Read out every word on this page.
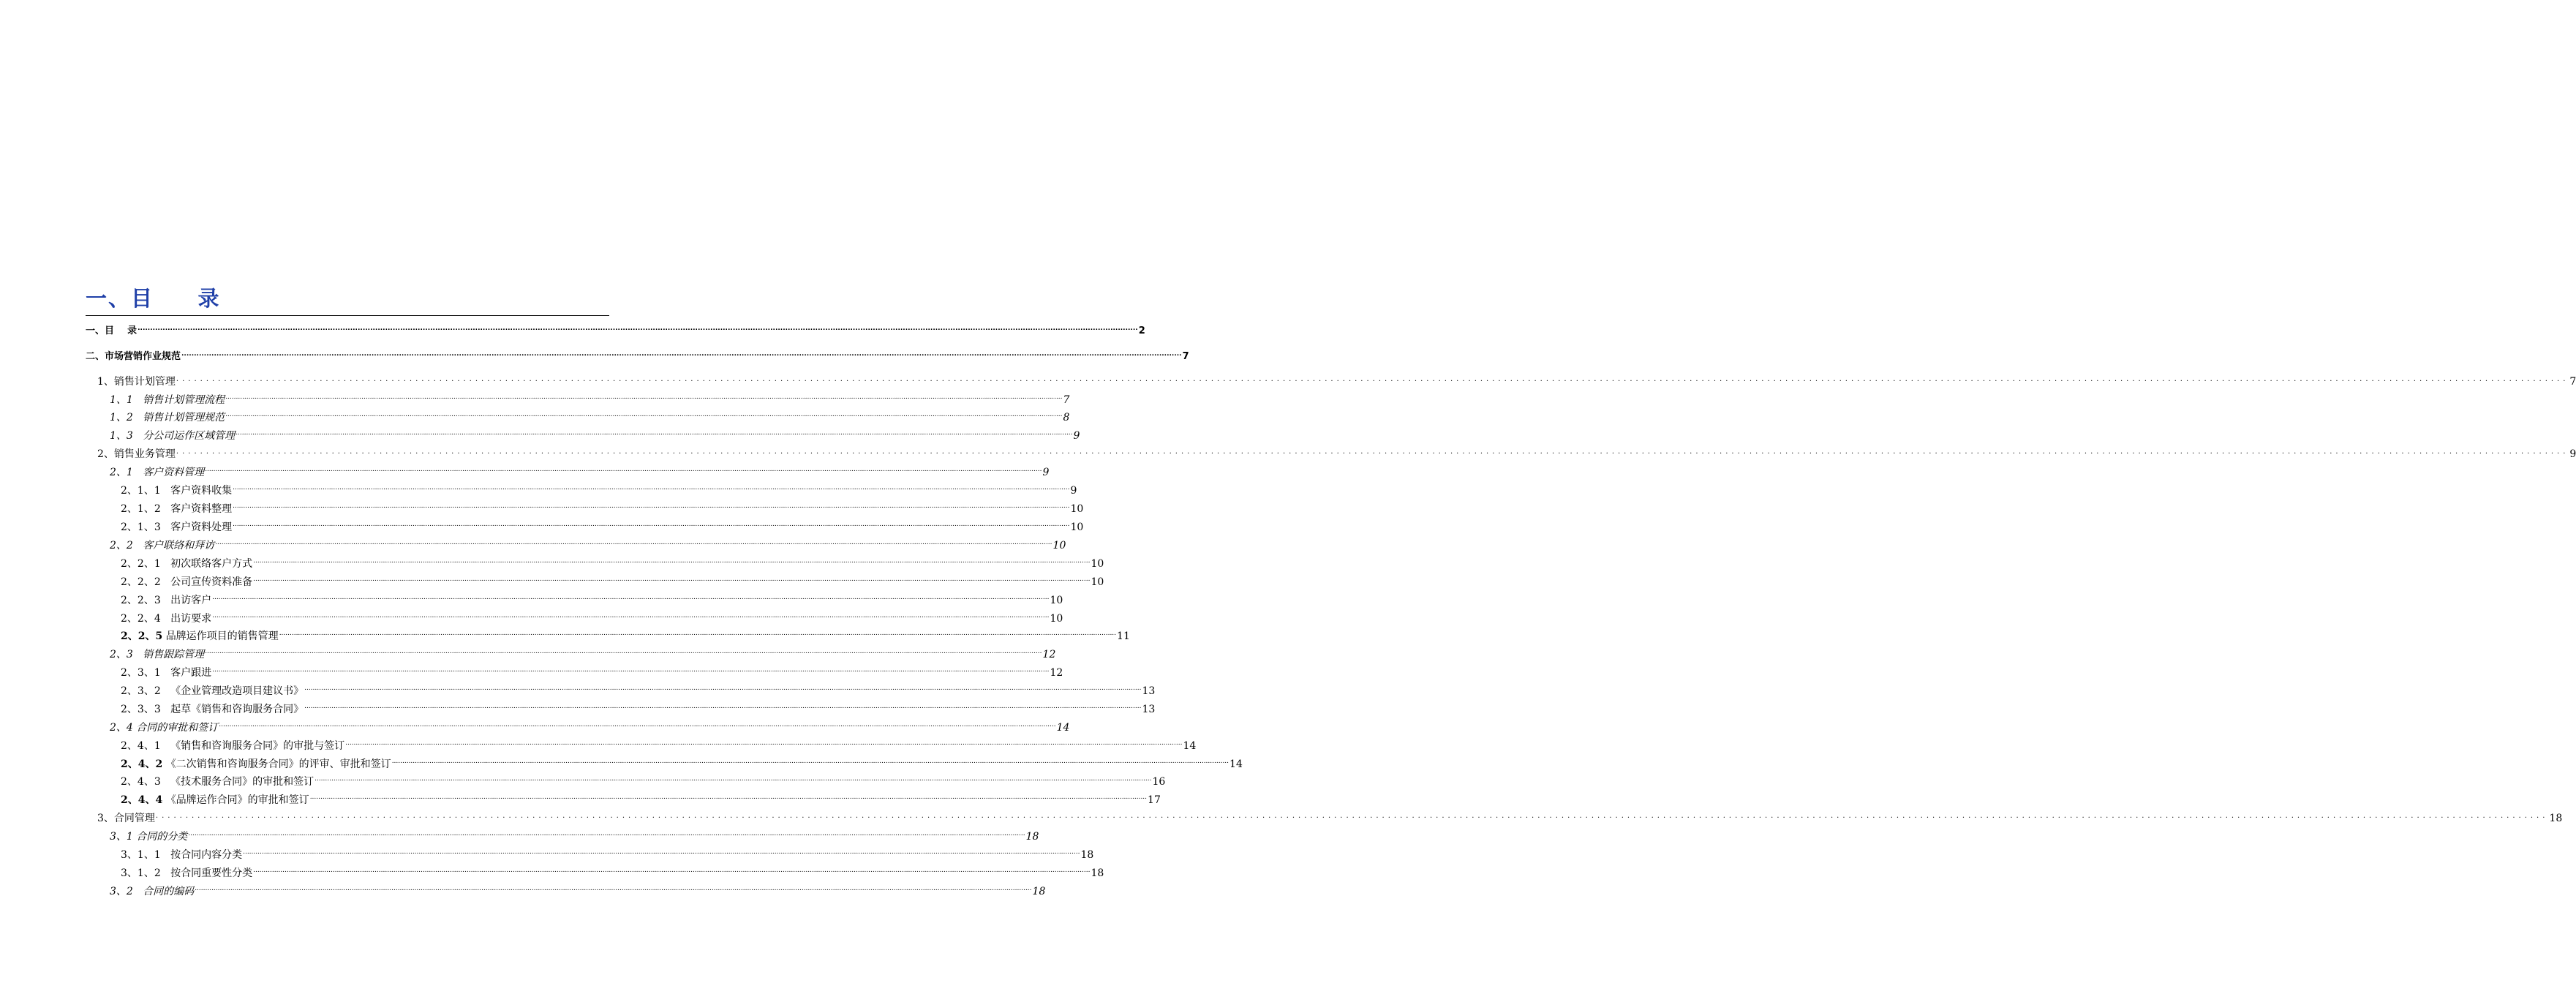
一、目     录
一、目    录 ................................................................................................................................................................................................................................................................................................................................................................................................................ 2
二、市场营销作业规范 ................................................................................................................................................................................................................................................................................................................................................................................................................ 7
1、销售计划管理 ................................................................................................................................................................................................................................................................................................................................................................................................................ 7
1、1
销售计划管理流程 ................................................................................................................................................................................................................................................................................................................................................................................................................ 7
1、2
销售计划管理规范 ................................................................................................................................................................................................................................................................................................................................................................................................................ 8
1、3
分公司运作区域管理 ................................................................................................................................................................................................................................................................................................................................................................................................................ 9
2、销售业务管理 ................................................................................................................................................................................................................................................................................................................................................................................................................ 9
2、1
客户资料管理 ................................................................................................................................................................................................................................................................................................................................................................................................................ 9
2、1、1
客户资料收集 ................................................................................................................................................................................................................................................................................................................................................................................................................ 9
2、1、2
客户资料整理 ................................................................................................................................................................................................................................................................................................................................................................................................................ 10
2、1、3
客户资料处理 ................................................................................................................................................................................................................................................................................................................................................................................................................ 10
2、2
客户联络和拜访 ................................................................................................................................................................................................................................................................................................................................................................................................................ 10
2、2、1
初次联络客户方式 ................................................................................................................................................................................................................................................................................................................................................................................................................ 10
2、2、2
公司宣传资料准备 ................................................................................................................................................................................................................................................................................................................................................................................................................ 10
2、2、3
出访客户 ................................................................................................................................................................................................................................................................................................................................................................................................................ 10
2、2、4
出访要求 ................................................................................................................................................................................................................................................................................................................................................................................................................ 10
2、2、5
品牌运作项目的销售管理 ................................................................................................................................................................................................................................................................................................................................................................................................................ 11
2、3
销售跟踪管理 ................................................................................................................................................................................................................................................................................................................................................................................................................ 12
2、3、1
客户跟进 ................................................................................................................................................................................................................................................................................................................................................................................................................ 12
2、3、2
《企业管理改造项目建议书》 ................................................................................................................................................................................................................................................................................................................................................................................................................ 13
2、3、3
起草《销售和咨询服务合同》 ................................................................................................................................................................................................................................................................................................................................................................................................................ 13
2、4
合同的审批和签订 ................................................................................................................................................................................................................................................................................................................................................................................................................ 14
2、4、1
《销售和咨询服务合同》的审批与签订 ................................................................................................................................................................................................................................................................................................................................................................................................................ 14
2、4、2
《二次销售和咨询服务合同》的评审、审批和签订 ................................................................................................................................................................................................................................................................................................................................................................................................................ 14
2、4、3
《技术服务合同》的审批和签订 ................................................................................................................................................................................................................................................................................................................................................................................................................ 16
2、4、4
《品牌运作合同》的审批和签订 ................................................................................................................................................................................................................................................................................................................................................................................................................ 17
3、合同管理 ................................................................................................................................................................................................................................................................................................................................................................................................................ 18
3、1
合同的分类 ................................................................................................................................................................................................................................................................................................................................................................................................................ 18
3、1、1
按合同内容分类 ................................................................................................................................................................................................................................................................................................................................................................................................................ 18
3、1、2
按合同重要性分类 ................................................................................................................................................................................................................................................................................................................................................................................................................ 18
3、2
合同的编码 ................................................................................................................................................................................................................................................................................................................................................................................................................ 18
